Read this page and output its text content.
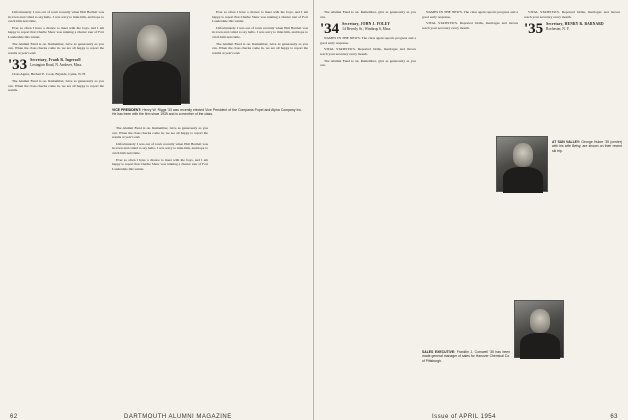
Unfortunately I was out of town recently when Phil Bartlett was in town and called to say hello. I was sorry to miss him, and hope to catch him next time.

Ever so often I have a chance to meet with the boys, and I am happy to report that Charlie Shaw was running a charter tour of Fort Lauderdale this winter.

The Alumni Fund is on. Remember, Give as generously as you can. When the class checks come in, we are all happy to report the results at year's end.

'33 Secretary, Frank R. Ingersoll
Lexington Road, N. Andover, Mass.

Class Agent, Herbert E. Cook, Bayside, Lyme, N. H.

The Alumni Fund is on. Remember, Give as generously as you can. When the class checks come in, we are all happy to report the results.

VICE PRESIDENT: Henry W. Riggs '33 was recently elected Vice President of the Compania Popel and Alpha Company Inc. He has been with the firm since 1939 and is a member of the class.

The Alumni Fund is on. Remember, Give as generously as you can. When the class checks come in, we are all happy to report the results at year's end.

Unfortunately I was out of town recently when Phil Bartlett was in town and called to say hello. I was sorry to miss him, and hope to catch him next time.

Ever so often I have a chance to meet with the boys, and I am happy to report that Charlie Shaw was running a charter tour of Fort Lauderdale this winter.

Ever so often I have a chance to meet with the boys, and I am happy to report that Charlie Shaw was running a charter tour of Fort Lauderdale this winter.

Unfortunately I was out of town recently when Phil Bartlett was in town and called to say hello. I was sorry to miss him, and hope to catch him next time.

The Alumni Fund is on. Remember, Give as generously as you can. When the class checks come in, we are all happy to report the results at year's end.

62	DARTMOUTH ALUMNI MAGAZINE

The Alumni Fund is on. Remember, give as generously as you can.

'34 Secretary, JOHN J. FOLEY
14 Beverly St., Winthrop 6, Mass.

NAMES IN THE NEWS. The class agent reports progress and a good early response.

VITAL STATISTICS. Reported births, marriages and moves reach your secretary every month.

The Alumni Fund is on. Remember, give as generously as you can.

NAMES IN THE NEWS. The class agent reports progress and a good early response.

VITAL STATISTICS. Reported births, marriages and moves reach your secretary every month.

AT SUN VALLEY: George Huber '35 (center) with his wife Betsy, are shown on their recent ski trip.

VITAL STATISTICS. Reported births, marriages and moves reach your secretary every month.

'35 Secretary, HENRY R. BARNARD
Rochester, N. Y.
SALES EXECUTIVE: Franklin J. Cornwell '35 has been made general manager of sales for Hanover Chemical Co. of Pittsburgh.
Issue of APRIL 1954	63
